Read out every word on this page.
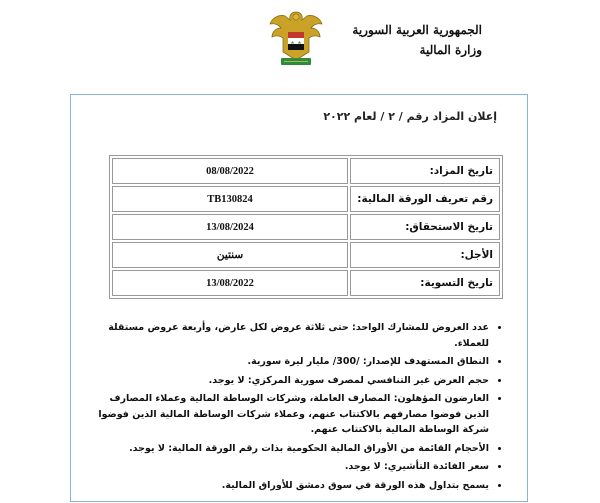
الجمهورية العربية السورية
وزارة المالية
إعلان المزاد رقم / ٢ / لعام ٢٠٢٢
08/08/2022	تاريخ المزاد:
TB130824	رقم تعريف الورقة المالية:
13/08/2024	تاريخ الاستحقاق:
سنتين	الأجل:
13/08/2022	تاريخ التسوية:
• عدد العروض للمشارك الواحد: حتى ثلاثة عروض لكل عارض، وأربعة عروض مستقلة للعملاء.
• النطاق المستهدف للإصدار: /300/ مليار ليرة سورية.
• حجم العرض غير التنافسي لمصرف سورية المركزي: لا يوجد.
• العارضون المؤهلون: المصارف العاملة، وشركات الوساطة المالية وعملاء المصارف الذين فوضوا مصارفهم بالاكتتاب عنهم، وعملاء شركات الوساطة المالية الذين فوضوا شركة الوساطة المالية بالاكتتاب عنهم.
• الأحجام القائمة من الأوراق المالية الحكومية بذات رقم الورقة المالية: لا يوجد.
• سعر الفائدة التأشيري: لا يوجد.
• يسمح بتداول هذه الورقة في سوق دمشق للأوراق المالية.
